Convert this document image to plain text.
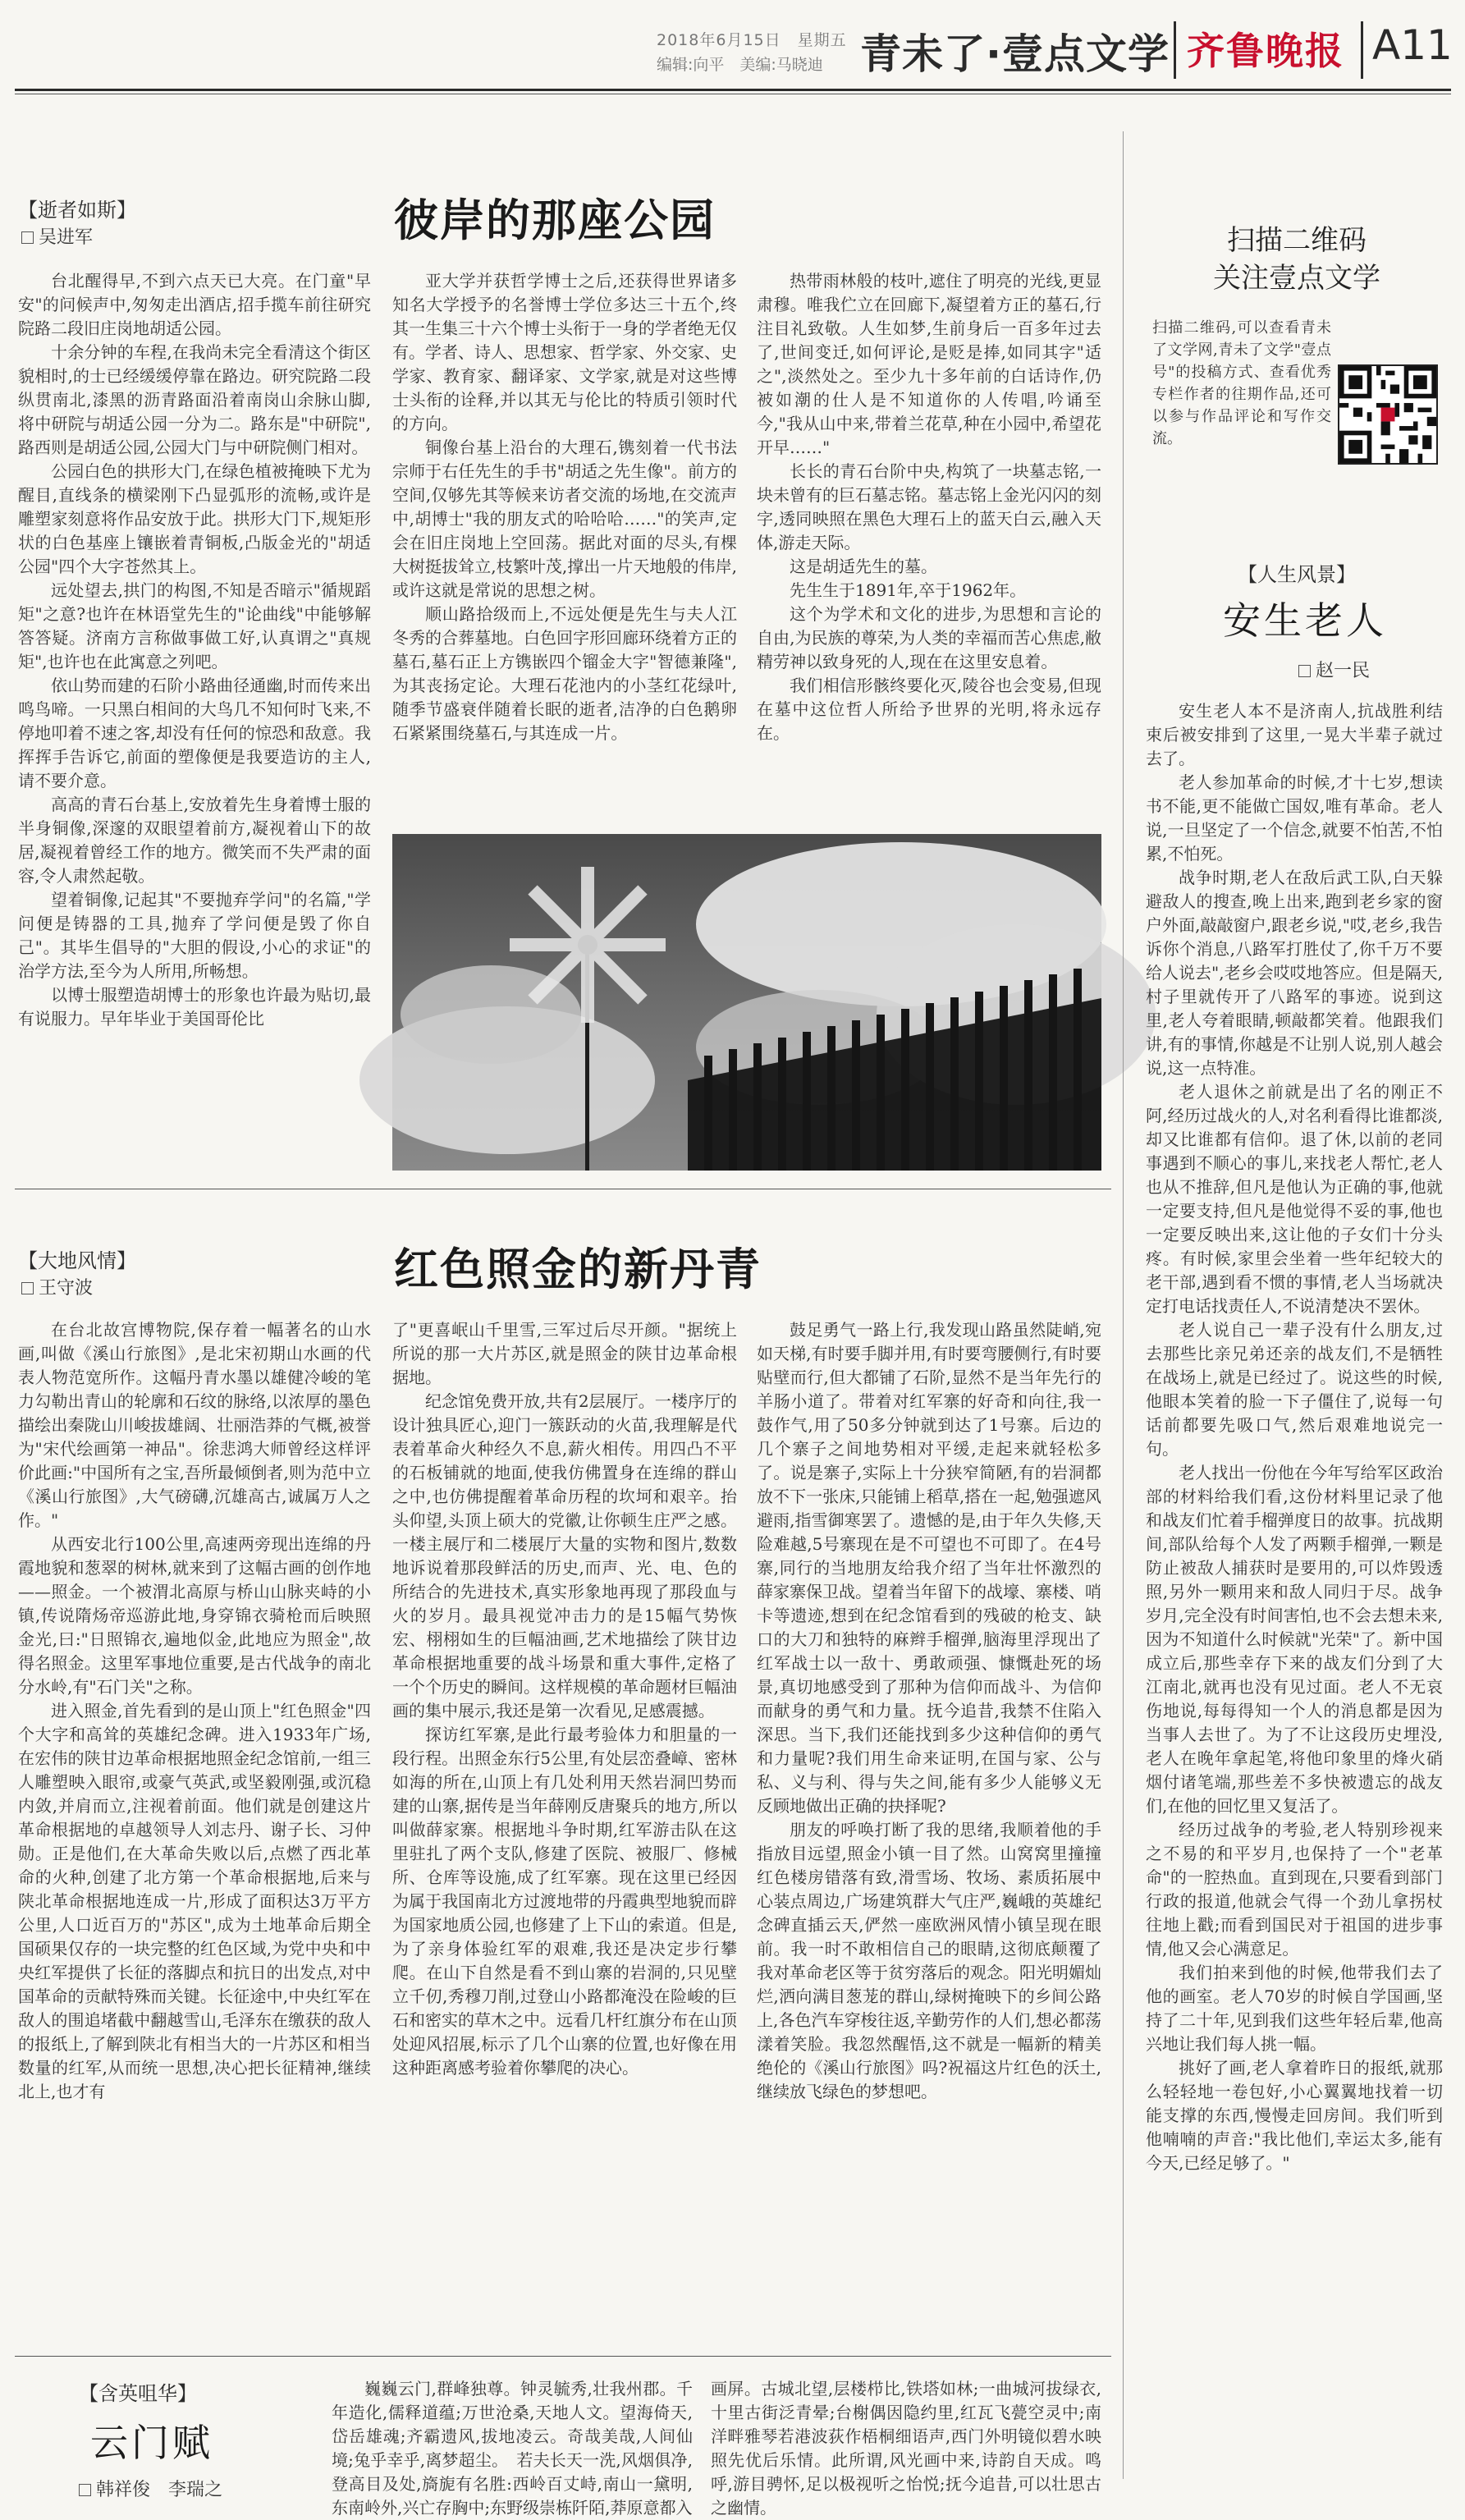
2018年6月15日　星期五
编辑:向平　美编:马晓迪 青未了·壹点文学 齐鲁晚报 A11
【逝者如斯】
吴进军	彼岸的那座公园

台北醒得早,不到六点天已大亮。在门童"早安"的问候声中,匆匆走出酒店,招手揽车前往研究院路二段旧庄岗地胡适公园。

十余分钟的车程,在我尚未完全看清这个街区貌相时,的士已经缓缓停靠在路边。研究院路二段纵贯南北,漆黑的沥青路面沿着南岗山余脉山脚,将中研院与胡适公园一分为二。路东是"中研院",路西则是胡适公园,公园大门与中研院侧门相对。

公园白色的拱形大门,在绿色植被掩映下尤为醒目,直线条的横梁刚下凸显弧形的流畅,或许是雕塑家刻意将作品安放于此。拱形大门下,规矩形状的白色基座上镶嵌着青铜板,凸版金光的"胡适公园"四个大字苍然其上。

远处望去,拱门的构图,不知是否暗示"循规蹈矩"之意?也许在林语堂先生的"论曲线"中能够解答答疑。济南方言称做事做工好,认真谓之"真规矩",也许也在此寓意之列吧。

依山势而建的石阶小路曲径通幽,时而传来出鸣鸟啼。一只黑白相间的大鸟几不知何时飞来,不停地叩着不速之客,却没有任何的惊恐和敌意。我挥挥手告诉它,前面的塑像便是我要造访的主人,请不要介意。

高高的青石台基上,安放着先生身着博士服的半身铜像,深邃的双眼望着前方,凝视着山下的故居,凝视着曾经工作的地方。微笑而不失严肃的面容,令人肃然起敬。

望着铜像,记起其"不要抛弃学问"的名篇,"学问便是铸器的工具,抛弃了学问便是毁了你自己"。其毕生倡导的"大胆的假设,小心的求证"的治学方法,至今为人所用,所畅想。

以博士服塑造胡博士的形象也许最为贴切,最有说服力。早年毕业于美国哥伦比

亚大学并获哲学博士之后,还获得世界诸多知名大学授予的名誉博士学位多达三十五个,终其一生集三十六个博士头衔于一身的学者绝无仅有。学者、诗人、思想家、哲学家、外交家、史学家、教育家、翻译家、文学家,就是对这些博士头衔的诠释,并以其无与伦比的特质引领时代的方向。

铜像台基上沿台的大理石,镌刻着一代书法宗师于右任先生的手书"胡适之先生像"。前方的空间,仅够先其等候来访者交流的场地,在交流声中,胡博士"我的朋友式的哈哈哈……"的笑声,定会在旧庄岗地上空回荡。据此对面的尽头,有棵大树挺拔耸立,枝繁叶茂,撑出一片天地般的伟岸,或许这就是常说的思想之树。

顺山路拾级而上,不远处便是先生与夫人江冬秀的合葬墓地。白色回字形回廊环绕着方正的墓石,墓石正上方镌嵌四个镏金大字"智德兼隆",为其丧扬定论。大理石花池内的小茎红花绿叶,随季节盛衰伴随着长眠的逝者,洁净的白色鹅卵石紧紧围绕墓石,与其连成一片。

热带雨林般的枝叶,遮住了明亮的光线,更显肃穆。唯我伫立在回廊下,凝望着方正的墓石,行注目礼致敬。人生如梦,生前身后一百多年过去了,世间变迁,如何评论,是贬是捧,如同其字"适之",淡然处之。至少九十多年前的白话诗作,仍被如潮的仕人是不知道你的人传唱,吟诵至今,"我从山中来,带着兰花草,种在小园中,希望花开早……"

长长的青石台阶中央,构筑了一块墓志铭,一块未曾有的巨石墓志铭。墓志铭上金光闪闪的刻字,透同映照在黑色大理石上的蓝天白云,融入天体,游走天际。

这是胡适先生的墓。

先生生于1891年,卒于1962年。

这个为学术和文化的进步,为思想和言论的自由,为民族的尊荣,为人类的幸福而苦心焦虑,敝精劳神以致身死的人,现在在这里安息着。

我们相信形骸终要化灭,陵谷也会变易,但现在墓中这位哲人所给予世界的光明,将永远存在。

扫描二维码
关注壹点文学
扫描二维码,可以查看青未了文学网,青未了文学"壹点号"的投稿方式、查看优秀专栏作者的往期作品,还可以参与作品评论和写作交流。
【人生风景】
安生老人
赵一民

安生老人本不是济南人,抗战胜利结束后被安排到了这里,一晃大半辈子就过去了。

老人参加革命的时候,才十七岁,想读书不能,更不能做亡国奴,唯有革命。老人说,一旦坚定了一个信念,就要不怕苦,不怕累,不怕死。

战争时期,老人在敌后武工队,白天躲避敌人的搜查,晚上出来,跑到老乡家的窗户外面,敲敲窗户,跟老乡说,"哎,老乡,我告诉你个消息,八路军打胜仗了,你千万不要给人说去",老乡会哎哎地答应。但是隔天,村子里就传开了八路军的事迹。说到这里,老人夸着眼睛,顿敲都笑着。他跟我们讲,有的事情,你越是不让别人说,别人越会说,这一点特准。

老人退休之前就是出了名的刚正不阿,经历过战火的人,对名利看得比谁都淡,却又比谁都有信仰。退了休,以前的老同事遇到不顺心的事儿,来找老人帮忙,老人也从不推辞,但凡是他认为正确的事,他就一定要支持,但凡是他觉得不妥的事,他也一定要反映出来,这让他的子女们十分头疼。有时候,家里会坐着一些年纪较大的老干部,遇到看不惯的事情,老人当场就决定打电话找责任人,不说清楚决不罢休。

老人说自己一辈子没有什么朋友,过去那些比亲兄弟还亲的战友们,不是牺牲在战场上,就是已经过了。说这些的时候,他眼本笑着的脸一下子僵住了,说每一句话前都要先吸口气,然后艰难地说完一句。

老人找出一份他在今年写给军区政治部的材料给我们看,这份材料里记录了他和战友们忙着手榴弹度日的故事。抗战期间,部队给每个人发了两颗手榴弹,一颗是防止被敌人捕获时是要用的,可以炸毁透照,另外一颗用来和敌人同归于尽。战争岁月,完全没有时间害怕,也不会去想未来,因为不知道什么时候就"光荣"了。新中国成立后,那些幸存下来的战友们分到了大江南北,就再也没有见过面。老人不无哀伤地说,每每得知一个人的消息都是因为当事人去世了。为了不让这段历史埋没,老人在晚年拿起笔,将他印象里的烽火硝烟付诸笔端,那些差不多快被遗忘的战友们,在他的回忆里又复活了。

经历过战争的考验,老人特别珍视来之不易的和平岁月,也保持了一个"老革命"的一腔热血。直到现在,只要看到部门行政的报道,他就会气得一个劲儿拿拐杖往地上戳;而看到国民对于祖国的进步事情,他又会心满意足。

我们拍来到他的时候,他带我们去了他的画室。老人70岁的时候自学国画,坚持了二十年,见到我们这些年轻后辈,他高兴地让我们每人挑一幅。

挑好了画,老人拿着昨日的报纸,就那么轻轻地一卷包好,小心翼翼地找着一切能支撑的东西,慢慢走回房间。我们听到他喃喃的声音:"我比他们,幸运太多,能有今天,已经足够了。"

【大地风情】
王守波	红色照金的新丹青

在台北故宫博物院,保存着一幅著名的山水画,叫做《溪山行旅图》,是北宋初期山水画的代表人物范宽所作。这幅丹青水墨以雄健冷峻的笔力勾勒出青山的轮廓和石纹的脉络,以浓厚的墨色描绘出秦陇山川峻拔雄阔、壮丽浩莽的气概,被誉为"宋代绘画第一神品"。徐悲鸿大师曾经这样评价此画:"中国所有之宝,吾所最倾倒者,则为范中立《溪山行旅图》,大气磅礴,沉雄高古,诚属万人之作。"

从西安北行100公里,高速两旁现出连绵的丹霞地貌和葱翠的树林,就来到了这幅古画的创作地——照金。一个被渭北高原与桥山山脉夹峙的小镇,传说隋炀帝巡游此地,身穿锦衣骑枪而后映照金光,曰:"日照锦衣,遍地似金,此地应为照金",故得名照金。这里军事地位重要,是古代战争的南北分水岭,有"石门关"之称。

进入照金,首先看到的是山顶上"红色照金"四个大字和高耸的英雄纪念碑。进入1933年广场,在宏伟的陕甘边革命根据地照金纪念馆前,一组三人雕塑映入眼帘,或豪气英武,或坚毅刚强,或沉稳内敛,并肩而立,注视着前面。他们就是创建这片革命根据地的卓越领导人刘志丹、谢子长、习仲勋。正是他们,在大革命失败以后,点燃了西北革命的火种,创建了北方第一个革命根据地,后来与陕北革命根据地连成一片,形成了面积达3万平方公里,人口近百万的"苏区",成为土地革命后期全国硕果仅存的一块完整的红色区域,为党中央和中央红军提供了长征的落脚点和抗日的出发点,对中国革命的贡献特殊而关键。长征途中,中央红军在敌人的围追堵截中翻越雪山,毛泽东在缴获的敌人的报纸上,了解到陕北有相当大的一片苏区和相当数量的红军,从而统一思想,决心把长征精神,继续北上,也才有

了"更喜岷山千里雪,三军过后尽开颜。"据统上所说的那一大片苏区,就是照金的陕甘边革命根据地。

纪念馆免费开放,共有2层展厅。一楼序厅的设计独具匠心,迎门一簇跃动的火苗,我理解是代表着革命火种经久不息,薪火相传。用四凸不平的石板铺就的地面,使我仿佛置身在连绵的群山之中,也仿佛提醒着革命历程的坎坷和艰辛。抬头仰望,头顶上硕大的党徽,让你顿生庄严之感。一楼主展厅和二楼展厅大量的实物和图片,数数地诉说着那段鲜活的历史,而声、光、电、色的所结合的先进技术,真实形象地再现了那段血与火的岁月。最具视觉冲击力的是15幅气势恢宏、栩栩如生的巨幅油画,艺术地描绘了陕甘边革命根据地重要的战斗场景和重大事件,定格了一个个历史的瞬间。这样规模的革命题材巨幅油画的集中展示,我还是第一次看见,足感震撼。

探访红军寨,是此行最考验体力和胆量的一段行程。出照金东行5公里,有处层峦叠嶂、密林如海的所在,山顶上有几处利用天然岩洞凹势而建的山寨,据传是当年薛刚反唐聚兵的地方,所以叫做薛家寨。根据地斗争时期,红军游击队在这里驻扎了两个支队,修建了医院、被服厂、修械所、仓库等设施,成了红军寨。现在这里已经因为属于我国南北方过渡地带的丹霞典型地貌而辟为国家地质公园,也修建了上下山的索道。但是,为了亲身体验红军的艰难,我还是决定步行攀爬。在山下自然是看不到山寨的岩洞的,只见壁立千仞,秀穆刀削,过登山小路都淹没在险峻的巨石和密实的草木之中。远看几杆红旗分布在山顶处迎风招展,标示了几个山寨的位置,也好像在用这种距离感考验着你攀爬的决心。

鼓足勇气一路上行,我发现山路虽然陡峭,宛如天梯,有时要手脚并用,有时要弯腰侧行,有时要贴壁而行,但大都铺了石阶,显然不是当年先行的羊肠小道了。带着对红军寨的好奇和向往,我一鼓作气,用了50多分钟就到达了1号寨。后边的几个寨子之间地势相对平缓,走起来就轻松多了。说是寨子,实际上十分狭窄简陋,有的岩洞都放不下一张床,只能铺上稻草,搭在一起,勉强遮风避雨,指雪御寒罢了。遗憾的是,由于年久失修,天险难越,5号寨现在是不可望也不可即了。在4号寨,同行的当地朋友给我介绍了当年壮怀激烈的薛家寨保卫战。望着当年留下的战壕、寨楼、哨卡等遗迹,想到在纪念馆看到的残破的枪支、缺口的大刀和独特的麻辫手榴弹,脑海里浮现出了红军战士以一敌十、勇敢顽强、慷慨赴死的场景,真切地感受到了那种为信仰而战斗、为信仰而献身的勇气和力量。抚今追昔,我禁不住陷入深思。当下,我们还能找到多少这种信仰的勇气和力量呢?我们用生命来证明,在国与家、公与私、义与利、得与失之间,能有多少人能够义无反顾地做出正确的抉择呢?

朋友的呼唤打断了我的思绪,我顺着他的手指放目远望,照金小镇一目了然。山窝窝里撞撞红色楼房错落有致,滑雪场、牧场、素质拓展中心装点周边,广场建筑群大气庄严,巍峨的英雄纪念碑直插云天,俨然一座欧洲风情小镇呈现在眼前。我一时不敢相信自己的眼睛,这彻底颠覆了我对革命老区等于贫穷落后的观念。阳光明媚灿烂,洒向满目葱茏的群山,绿树掩映下的乡间公路上,各色汽车穿梭往返,辛勤劳作的人们,想必都荡漾着笑脸。我忽然醒悟,这不就是一幅新的精美绝伦的《溪山行旅图》吗?祝福这片红色的沃土,继续放飞绿色的梦想吧。

【含英咀华】
云门赋
韩祥俊　 李瑞之

巍巍云门,群峰独尊。钟灵毓秀,壮我州郡。千年造化,儒释道蕴;万世沧桑,天地人文。望海倚天,岱岳雄魂;齐霸遗风,拔地凌云。奇哉美哉,人间仙境;兔乎幸乎,离梦超尘。　若夫长天一洗,风烟俱净,登高目及处,旖旎有名胜:西岭百丈峙,南山一黛明,东南岭外,兴亡存胸中;东野级崇栋阡陌,莽原意都入

画屏。古城北望,层楼栉比,铁塔如林;一曲城河拔绿衣,十里古街泛青晕;台榭偶因隐约里,红瓦飞甍空灵中;南洋畔雅琴若港波荻作梧桐细语声,西门外明镜似碧水映照先优后乐情。此所谓,风光画中来,诗韵自天成。鸣呼,游目骋怀,足以极视听之怡悦;抚今追昔,可以壮思古之幽情。
